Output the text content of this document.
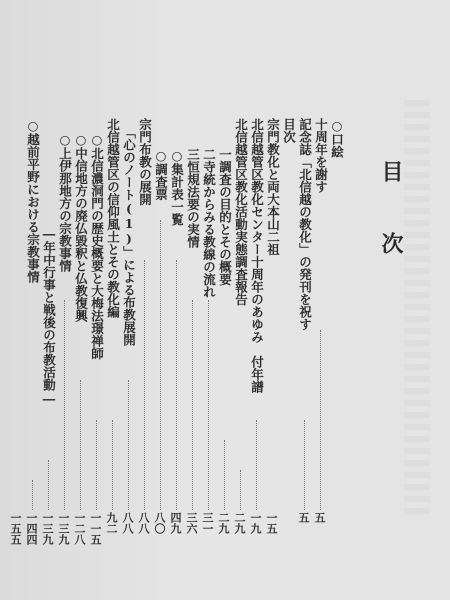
目　次
○口絵
十周年を謝す
記念誌「北信越の教化」の発刊を祝す
目次
宗門教化と両大本山二祖
北信越管区教化センター十周年のあゆみ　付年譜
北信越管区教化活動実態調査報告
一調査の目的とその概要
二寺統からみる教線の流れ
三恒規法要の実情
○集計表一覧
○調査票
宗門布教の展開
「心のノート(1)」による布教展開
北信越管区の信仰風土とその教化編
○北信濃洞門の歴史概要と大梅法璟禅師
○中信地方の廃仏毀釈と仏教復興
○上伊那地方の宗教事情
―年中行事と戦後の布教活動―
○越前平野における宗教事情
五
五
一五
一九
二九
二九
三一
三六
四九
八〇
八八
八八
九二
一一五
一二八
一三九
一三九
一四四
一五五
